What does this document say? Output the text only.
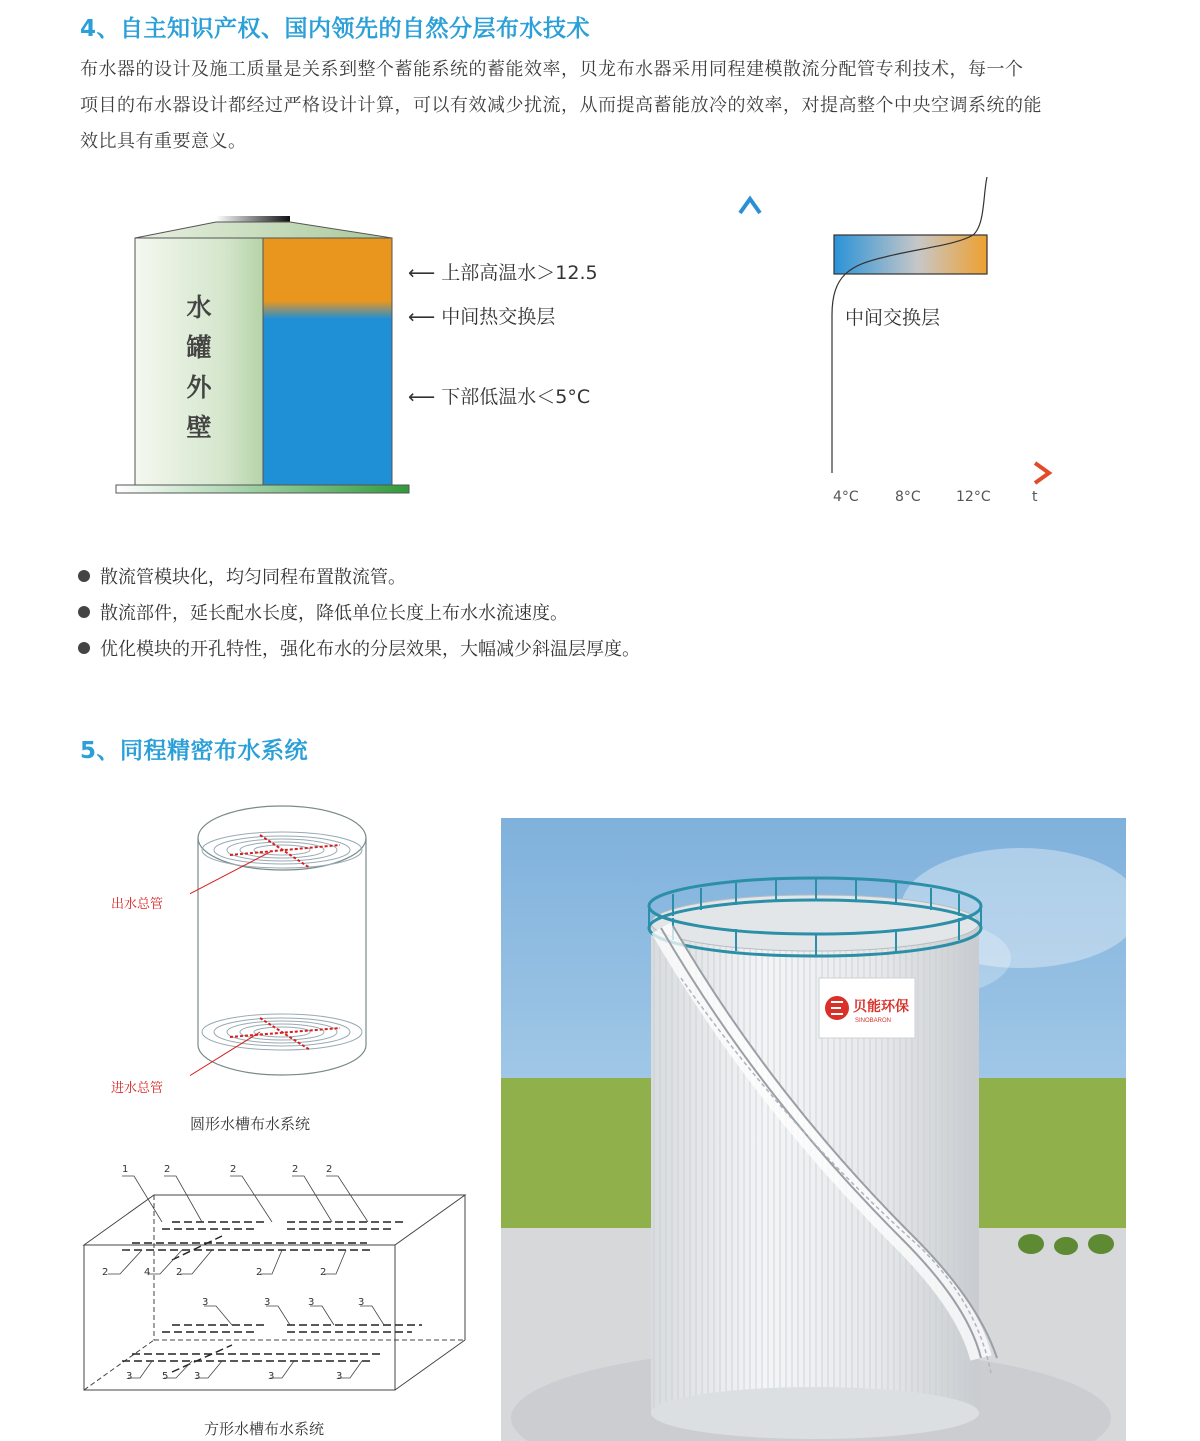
4、自主知识产权、国内领先的自然分层布水技术

布水器的设计及施工质量是关系到整个蓄能系统的蓄能效率，贝龙布水器采用同程建模散流分配管专利技术，每一个

项目的布水器设计都经过严格设计计算，可以有效减少扰流，从而提高蓄能放冷的效率，对提高整个中央空调系统的能

效比具有重要意义。

水
罐
外
壁
⟵ 上部高温水＞12.5
⟵ 中间热交换层
⟵ 下部低温水＜5°C
中间交换层
4°C	8°C	12°C	t
散流管模块化，均匀同程布置散流管。
散流部件，延长配水长度，降低单位长度上布水水流速度。
优化模块的开孔特性，强化布水的分层效果，大幅减少斜温层厚度。
5、同程精密布水系统
出水总管
进水总管
圆形水槽布水系统
1	2	2	2	2
2	4	2	2	2
3	3	3	3
3	5	3	3	3
方形水槽布水系统
贝能环保
SINOBARON
